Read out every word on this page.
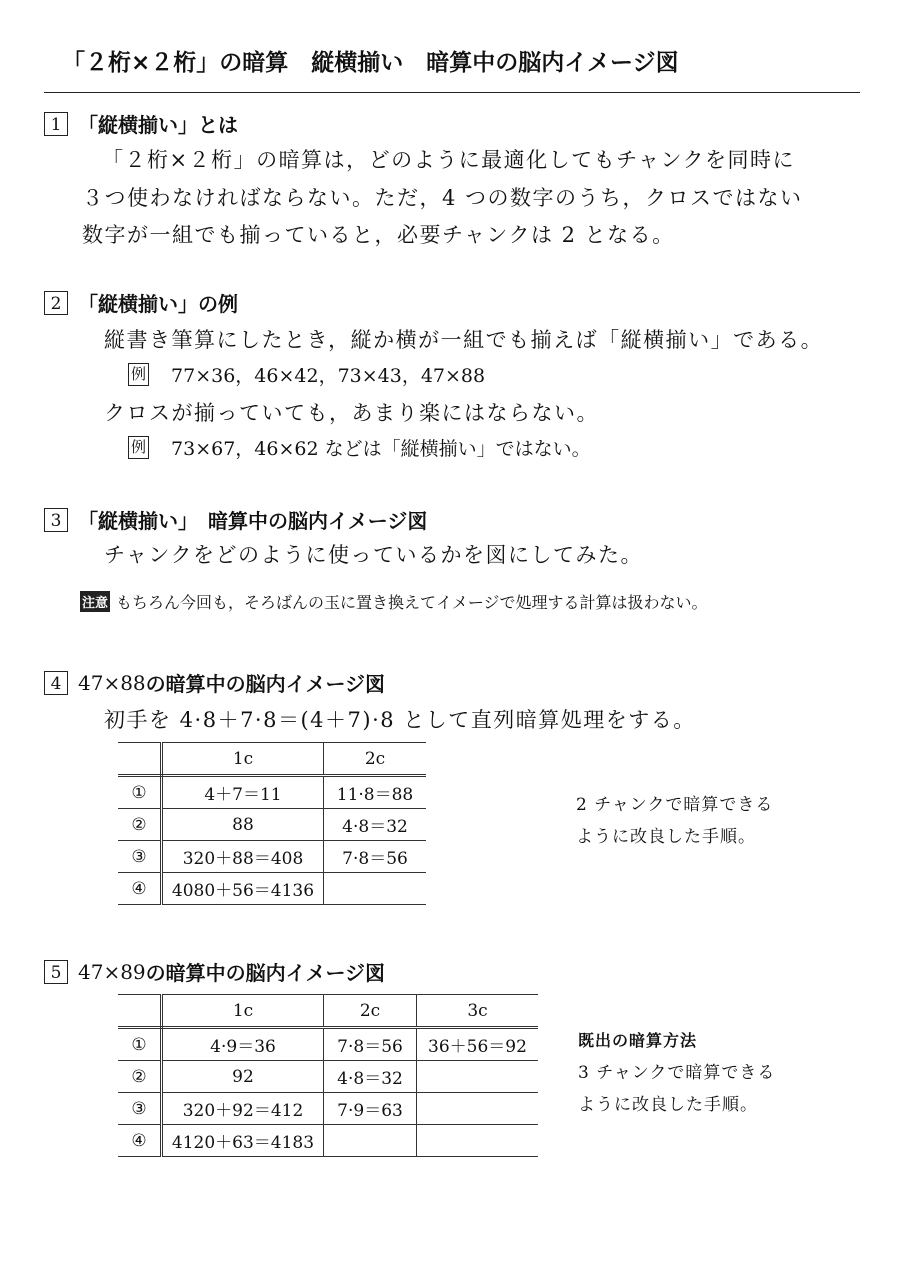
「２桁×２桁」の暗算　縦横揃い　暗算中の脳内イメージ図
1 「縦横揃い」とは
「２桁×２桁」の暗算は，どのように最適化してもチャンクを同時に
３つ使わなければならない。ただ，4 つの数字のうち，クロスではない
数字が一組でも揃っていると，必要チャンクは 2 となる。
2 「縦横揃い」の例
縦書き筆算にしたとき，縦か横が一組でも揃えば「縦横揃い」である。
例 77×36，46×42，73×43，47×88
クロスが揃っていても，あまり楽にはならない。
例 73×67，46×62 などは「縦横揃い」ではない。
3 「縦横揃い」　暗算中の脳内イメージ図
チャンクをどのように使っているかを図にしてみた。
注意 もちろん今回も，そろばんの玉に置き換えてイメージで処理する計算は扱わない。
4 47×88 の暗算中の脳内イメージ図
初手を 4·8＋7·8＝(4＋7)·8 として直列暗算処理をする。
	1c	2c
①	4＋7＝11	11·8＝88
②	88	4·8＝32
③	320＋88＝408	7·8＝56
④	4080＋56＝4136	
2 チャンクで暗算できる
ように改良した手順。
5 47×89 の暗算中の脳内イメージ図
	1c	2c	3c
①	4·9＝36	7·8＝56	36＋56＝92
②	92	4·8＝32	
③	320＋92＝412	7·9＝63	
④	4120＋63＝4183		
既出の暗算方法
3 チャンクで暗算できる
ように改良した手順。
